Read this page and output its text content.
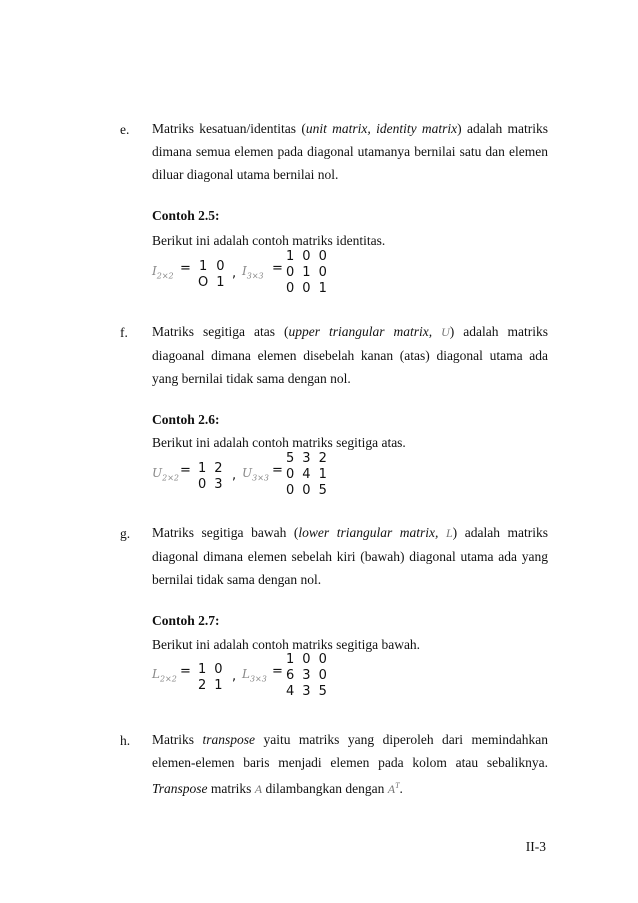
e. Matriks kesatuan/identitas (unit matrix, identity matrix) adalah matriks dimana semua elemen pada diagonal utamanya bernilai satu dan elemen diluar diagonal utama bernilai nol.
Contoh 2.5:
Berikut ini adalah contoh matriks identitas.
$I_{2\times 2} = 1$ 0
O 1
, $I_{3\times 3}$ =
1 0 0
0 1 0
0 0 1
f. Matriks segitiga atas (upper triangular matrix, U) adalah matriks diagoanal dimana elemen disebelah kanan (atas) diagonal utama ada yang bernilai tidak sama dengan nol.
Contoh 2.6:
Berikut ini adalah contoh matriks segitiga atas.
$U_{2\times 2} = 1$ 2
0 3
, $U_{3\times 3}$ =
5 3 2
0 4 1
0 0 5
g. Matriks segitiga bawah (lower triangular matrix, L) adalah matriks diagonal dimana elemen sebelah kiri (bawah) diagonal utama ada yang bernilai tidak sama dengan nol.
Contoh 2.7:
Berikut ini adalah contoh matriks segitiga bawah.
$L_{2\times 2} = 1$ 0
2 1
, $L_{3\times 3}$ =
1 0 0
6 3 0
4 3 5
h. Matriks transpose yaitu matriks yang diperoleh dari memindahkan elemen-elemen baris menjadi elemen pada kolom atau sebaliknya. Transpose matriks A dilambangkan dengan $A^T$.
II-3
